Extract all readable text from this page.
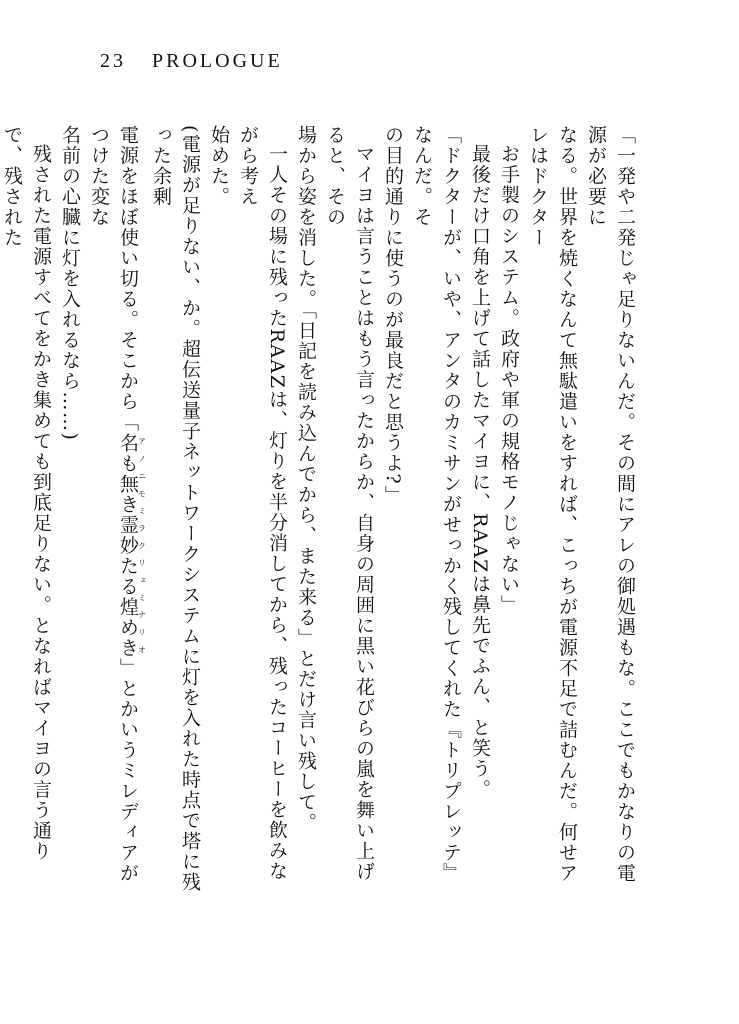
23 PROLOGUE

「一発や二発じゃ足りないんだ。その間にアレの御処遇もな。ここでもかなりの電源が必要に

なる。世界を焼くなんて無駄遣いをすれば、こっちが電源不足で詰むんだ。何せアレはドクター

お手製のシステム。政府や軍の規格モノじゃない」

最後だけ口角を上げて話したマイヨに、RAAZは鼻先でふん、と笑う。

「ドクターが、いや、アンタのカミサンがせっかく残してくれた『トリプレッテ』なんだ。そ

の目的通りに使うのが最良だと思うよ?」

マイヨは言うことはもう言ったからか、自身の周囲に黒い花びらの嵐を舞い上げると、その

場から姿を消した。「日記を読み込んでから、また来る」とだけ言い残して。

一人その場に残ったRAAZは、灯りを半分消してから、残ったコーヒーを飲みながら考え

始めた。

(電源が足りない、か。超伝送量子ネットワークシステムに灯を入れた時点で塔に残った余剰

電源をほぼ使い切る。そこから「名も無き霊妙たる煌めきアノニモミラクリュミナリオ」とかいうミレディアがつけた変な

名前の心臓に灯を入れるなら……)

残された電源すべてをかき集めても到底足りない。となればマイヨの言う通りで、残された
